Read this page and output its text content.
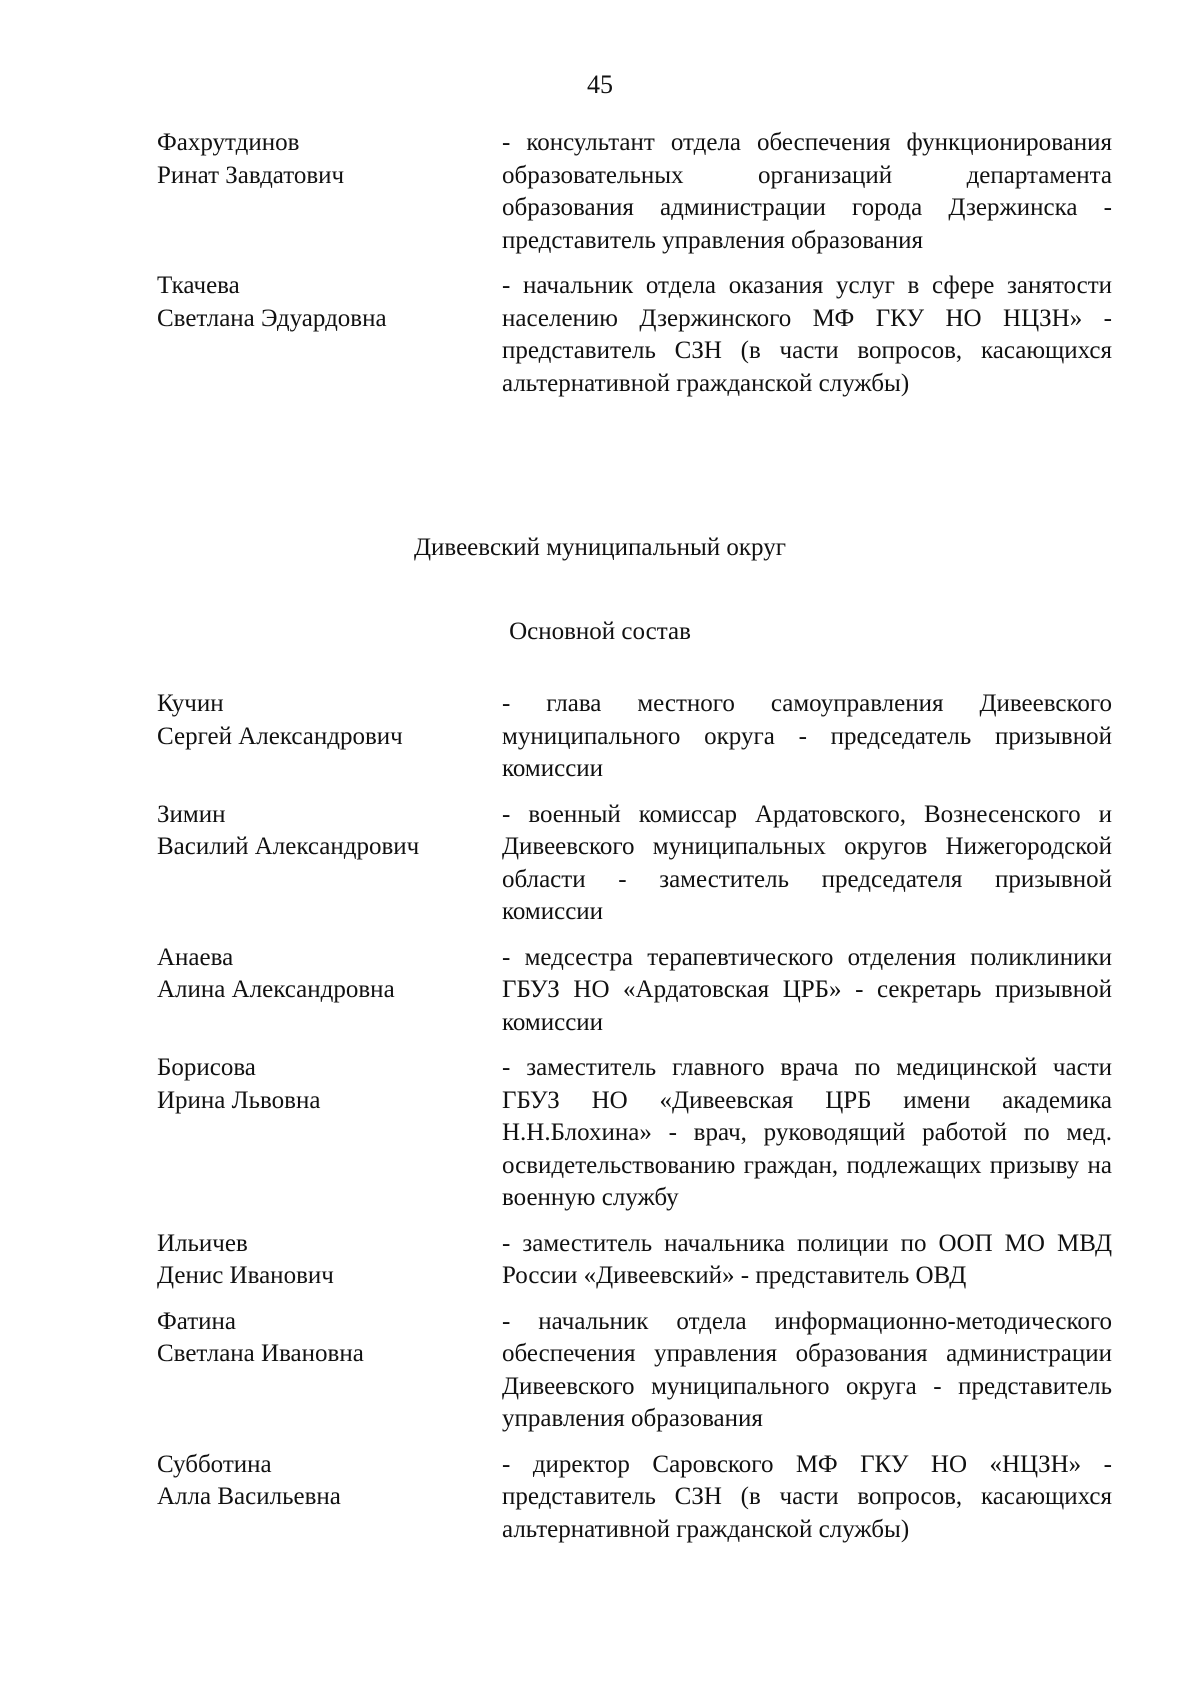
45
Фахрутдинов
Ринат Завдатович
- консультант отдела обеспечения функционирования образовательных организаций департамента образования администрации города Дзержинска - представитель управления образования
Ткачева
Светлана Эдуардовна
- начальник отдела оказания услуг в сфере занятости населению Дзержинского МФ ГКУ НО НЦЗН» - представитель СЗН (в части вопросов, касающихся альтернативной гражданской службы)
Дивеевский муниципальный округ
Основной состав
Кучин
Сергей Александрович
- глава местного самоуправления Дивеевского муниципального округа - председатель призывной комиссии
Зимин
Василий Александрович
- военный комиссар Ардатовского, Вознесенского и Дивеевского муниципальных округов Нижегородской области - заместитель председателя призывной комиссии
Анаева
Алина Александровна
- медсестра терапевтического отделения поликлиники ГБУЗ НО «Ардатовская ЦРБ» - секретарь призывной комиссии
Борисова
Ирина Львовна
- заместитель главного врача по медицинской части ГБУЗ НО «Дивеевская ЦРБ имени академика Н.Н.Блохина» - врач, руководящий работой по мед. освидетельствованию граждан, подлежащих призыву на военную службу
Ильичев
Денис Иванович
- заместитель начальника полиции по ООП МО МВД России «Дивеевский» - представитель ОВД
Фатина
Светлана Ивановна
- начальник отдела информационно-методического обеспечения управления образования администрации Дивеевского муниципального округа - представитель управления образования
Субботина
Алла Васильевна
- директор Саровского МФ ГКУ НО «НЦЗН» - представитель СЗН (в части вопросов, касающихся альтернативной гражданской службы)
